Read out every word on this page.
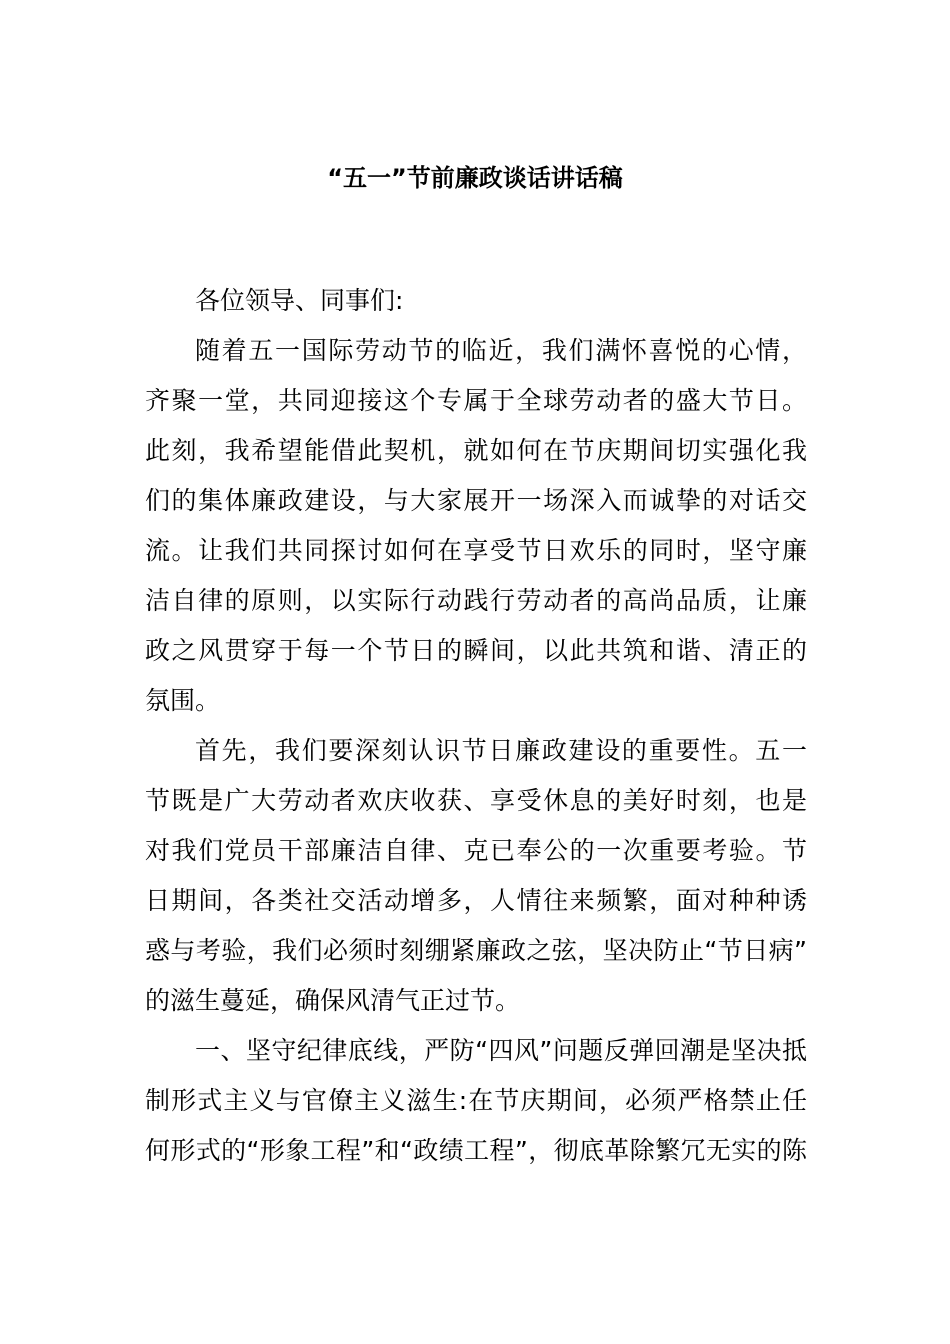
“五一”节前廉政谈话讲话稿
各位领导、同事们:
随着五一国际劳动节的临近，我们满怀喜悦的心情，
齐聚一堂，共同迎接这个专属于全球劳动者的盛大节日。
此刻，我希望能借此契机，就如何在节庆期间切实强化我
们的集体廉政建设，与大家展开一场深入而诚挚的对话交
流。让我们共同探讨如何在享受节日欢乐的同时，坚守廉
洁自律的原则，以实际行动践行劳动者的高尚品质，让廉
政之风贯穿于每一个节日的瞬间，以此共筑和谐、清正的
氛围。
首先，我们要深刻认识节日廉政建设的重要性。五一
节既是广大劳动者欢庆收获、享受休息的美好时刻，也是
对我们党员干部廉洁自律、克已奉公的一次重要考验。节
日期间，各类社交活动增多，人情往来频繁，面对种种诱
惑与考验，我们必须时刻绷紧廉政之弦，坚决防止“节日病”
的滋生蔓延，确保风清气正过节。
一、坚守纪律底线，严防“四风”问题反弹回潮是坚决抵
制形式主义与官僚主义滋生:在节庆期间，必须严格禁止任
何形式的“形象工程”和“政绩工程”，彻底革除繁冗无实的陈
